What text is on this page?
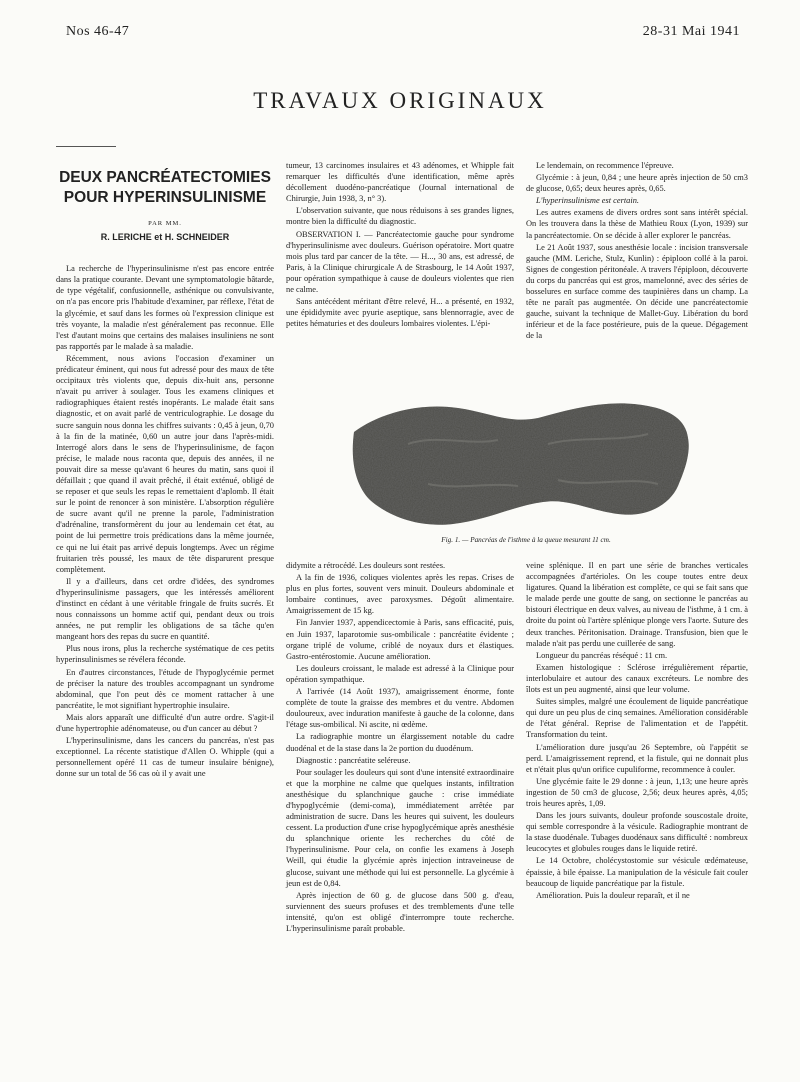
Nos 46-47	28-31 Mai 1941
TRAVAUX ORIGINAUX
DEUX PANCRÉATECTOMIES
POUR HYPERINSULINISME
PAR MM.
R. LERICHE et H. SCHNEIDER

La recherche de l'hyperinsulinisme n'est pas encore entrée dans la pratique courante. Devant une symptomatologie bâtarde, de type végétalif, confusionnelle, asthénique ou convulsivante, on n'a pas encore pris l'habitude d'examiner, par réflexe, l'état de la glycémie, et sauf dans les formes où l'expression clinique est très voyante, la maladie n'est généralement pas reconnue. Elle l'est d'autant moins que certains des malaises insuliniens ne sont pas rapportés par le malade à sa maladie.

Récemment, nous avions l'occasion d'examiner un prédicateur éminent, qui nous fut adressé pour des maux de tête occipitaux très violents que, depuis dix-huit ans, personne n'avait pu arriver à soulager. Tous les examens cliniques et radiographiques étaient restés inopérants. Le malade était sans diagnostic, et on avait parlé de ventriculographie. Le dosage du sucre sanguin nous donna les chiffres suivants : 0,45 à jeun, 0,70 à la fin de la matinée, 0,60 un autre jour dans l'après-midi. Interrogé alors dans le sens de l'hyperinsulinisme, de façon précise, le malade nous raconta que, depuis des années, il ne pouvait dire sa messe qu'avant 6 heures du matin, sans quoi il défaillait ; que quand il avait prêché, il était exténué, obligé de se reposer et que seuls les repas le remettaient d'aplomb. Il était sur le point de renoncer à son ministère. L'absorption régulière de sucre avant qu'il ne prenne la parole, l'administration d'adrénaline, transformèrent du jour au lendemain cet état, au point de lui permettre trois prédications dans la même journée, ce qui ne lui était pas arrivé depuis longtemps. Avec un régime fruitarien très poussé, les maux de tête disparurent presque complètement.

Il y a d'ailleurs, dans cet ordre d'idées, des syndromes d'hyperinsulinisme passagers, que les intéressés améliorent d'instinct en cédant à une véritable fringale de fruits sucrés. Et nous connaissons un homme actif qui, pendant deux ou trois années, ne put remplir les obligations de sa tâche qu'en mangeant hors des repas du sucre en quantité.

Plus nous irons, plus la recherche systématique de ces petits hyperinsulinismes se révélera féconde.

En d'autres circonstances, l'étude de l'hypoglycémie permet de préciser la nature des troubles accompagnant un syndrome abdominal, que l'on peut dès ce moment rattacher à une pancréatite, le mot signifiant hypertrophie insulaire.

Mais alors apparaît une difficulté d'un autre ordre. S'agit-il d'une hypertrophie adénomateuse, ou d'un cancer au début ?

L'hyperinsulinisme, dans les cancers du pancréas, n'est pas exceptionnel. La récente statistique d'Allen O. Whipple (qui a personnellement opéré 11 cas de tumeur insulaire bénigne), donne sur un total de 56 cas où il y avait une

tumeur, 13 carcinomes insulaires et 43 adénomes, et Whipple fait remarquer les difficultés d'une identification, même après décollement duodéno-pancréatique (Journal international de Chirurgie, Juin 1938, 3, n° 3).

L'observation suivante, que nous réduisons à ses grandes lignes, montre bien la difficulté du diagnostic.

OBSERVATION I. — Pancréatectomie gauche pour syndrome d'hyperinsulinisme avec douleurs. Guérison opératoire. Mort quatre mois plus tard par cancer de la tête. — H..., 30 ans, est adressé, de Paris, à la Clinique chirurgicale A de Strasbourg, le 14 Août 1937, pour opération sympathique à cause de douleurs violentes que rien ne calme.

Sans antécédent méritant d'être relevé, H... a présenté, en 1932, une épididymite avec pyurie aseptique, sans blennorragie, avec de petites hématuries et des douleurs lombaires violentes. L'épi-

Le lendemain, on recommence l'épreuve.

Glycémie : à jeun, 0,84 ; une heure après injection de 50 cm3 de glucose, 0,65; deux heures après, 0,65.

L'hyperinsulinisme est certain.

Les autres examens de divers ordres sont sans intérêt spécial. On les trouvera dans la thèse de Mathieu Roux (Lyon, 1939) sur la pancréatectomie. On se décide à aller explorer le pancréas.

Le 21 Août 1937, sous anesthésie locale : incision transversale gauche (MM. Leriche, Stulz, Kunlin) : épiploon collé à la paroi. Signes de congestion péritonéale. A travers l'épiploon, découverte du corps du pancréas qui est gros, mamelonné, avec des séries de bosselures en surface comme des taupinières dans un champ. La tête ne paraît pas augmentée. On décide une pancréatectomie gauche, suivant la technique de Mallet-Guy. Libération du bord inférieur et de la face postérieure, puis de la queue. Dégagement de la

Fig. 1. — Pancréas de l'isthme à la queue mesurant 11 cm.

didymite a rétrocédé. Les douleurs sont restées.

A la fin de 1936, coliques violentes après les repas. Crises de plus en plus fortes, souvent vers minuit. Douleurs abdominale et lombaire continues, avec paroxysmes. Dégoût alimentaire. Amaigrissement de 15 kg.

Fin Janvier 1937, appendicectomie à Paris, sans efficacité, puis, en Juin 1937, laparotomie sus-ombilicale : pancréatite évidente ; organe triplé de volume, criblé de noyaux durs et élastiques. Gastro-entérostomie. Aucune amélioration.

Les douleurs croissant, le malade est adressé à la Clinique pour opération sympathique.

A l'arrivée (14 Août 1937), amaigrissement énorme, fonte complète de toute la graisse des membres et du ventre. Abdomen douloureux, avec induration manifeste à gauche de la colonne, dans l'étage sus-ombilical. Ni ascite, ni œdème.

La radiographie montre un élargissement notable du cadre duodénal et de la stase dans la 2e portion du duodénum.

Diagnostic : pancréatite seléreuse.

Pour soulager les douleurs qui sont d'une intensité extraordinaire et que la morphine ne calme que quelques instants, infiltration anesthésique du splanchnique gauche : crise immédiate d'hypoglycémie (demi-coma), immédiatement arrêtée par administration de sucre. Dans les heures qui suivent, les douleurs cessent. La production d'une crise hypoglycémique après anesthésie du splanchnique oriente les recherches du côté de l'hyperinsulinisme. Pour cela, on confie les examens à Joseph Weill, qui étudie la glycémie après injection intraveineuse de glucose, suivant une méthode qui lui est personnelle. La glycémie à jeun est de 0,84.

Après injection de 60 g. de glucose dans 500 g. d'eau, surviennent des sueurs profuses et des tremblements d'une telle intensité, qu'on est obligé d'interrompre toute recherche. L'hyperinsulinisme paraît probable.

veine splénique. Il en part une série de branches verticales accompagnées d'artérioles. On les coupe toutes entre deux ligatures. Quand la libération est complète, ce qui se fait sans que le malade perde une goutte de sang, on sectionne le pancréas au bistouri électrique en deux valves, au niveau de l'isthme, à 1 cm. à droite du point où l'artère splénique plonge vers l'aorte. Suture des deux tranches. Péritonisation. Drainage. Transfusion, bien que le malade n'ait pas perdu une cuillerée de sang.

Longueur du pancréas réséqué : 11 cm.

Examen histologique : Sclérose irrégulièrement répartie, interlobulaire et autour des canaux excréteurs. Le nombre des îlots est un peu augmenté, ainsi que leur volume.

Suites simples, malgré une écoulement de liquide pancréatique qui dure un peu plus de cinq semaines. Amélioration considérable de l'état général. Reprise de l'alimentation et de l'appétit. Transformation du teint.

L'amélioration dure jusqu'au 26 Septembre, où l'appétit se perd. L'amaigrissement reprend, et la fistule, qui ne donnait plus et n'était plus qu'un orifice cupuliforme, recommence à couler.

Une glycémie faite le 29 donne : à jeun, 1,13; une heure après ingestion de 50 cm3 de glucose, 2,56; deux heures après, 4,05; trois heures après, 1,09.

Dans les jours suivants, douleur profonde souscostale droite, qui semble correspondre à la vésicule. Radiographie montrant de la stase duodénale. Tubages duodénaux sans difficulté : nombreux leucocytes et globules rouges dans le liquide retiré.

Le 14 Octobre, cholécystostomie sur vésicule œdémateuse, épaissie, à bile épaisse. La manipulation de la vésicule fait couler beaucoup de liquide pancréatique par la fistule.

Amélioration. Puis la douleur reparaît, et il ne
